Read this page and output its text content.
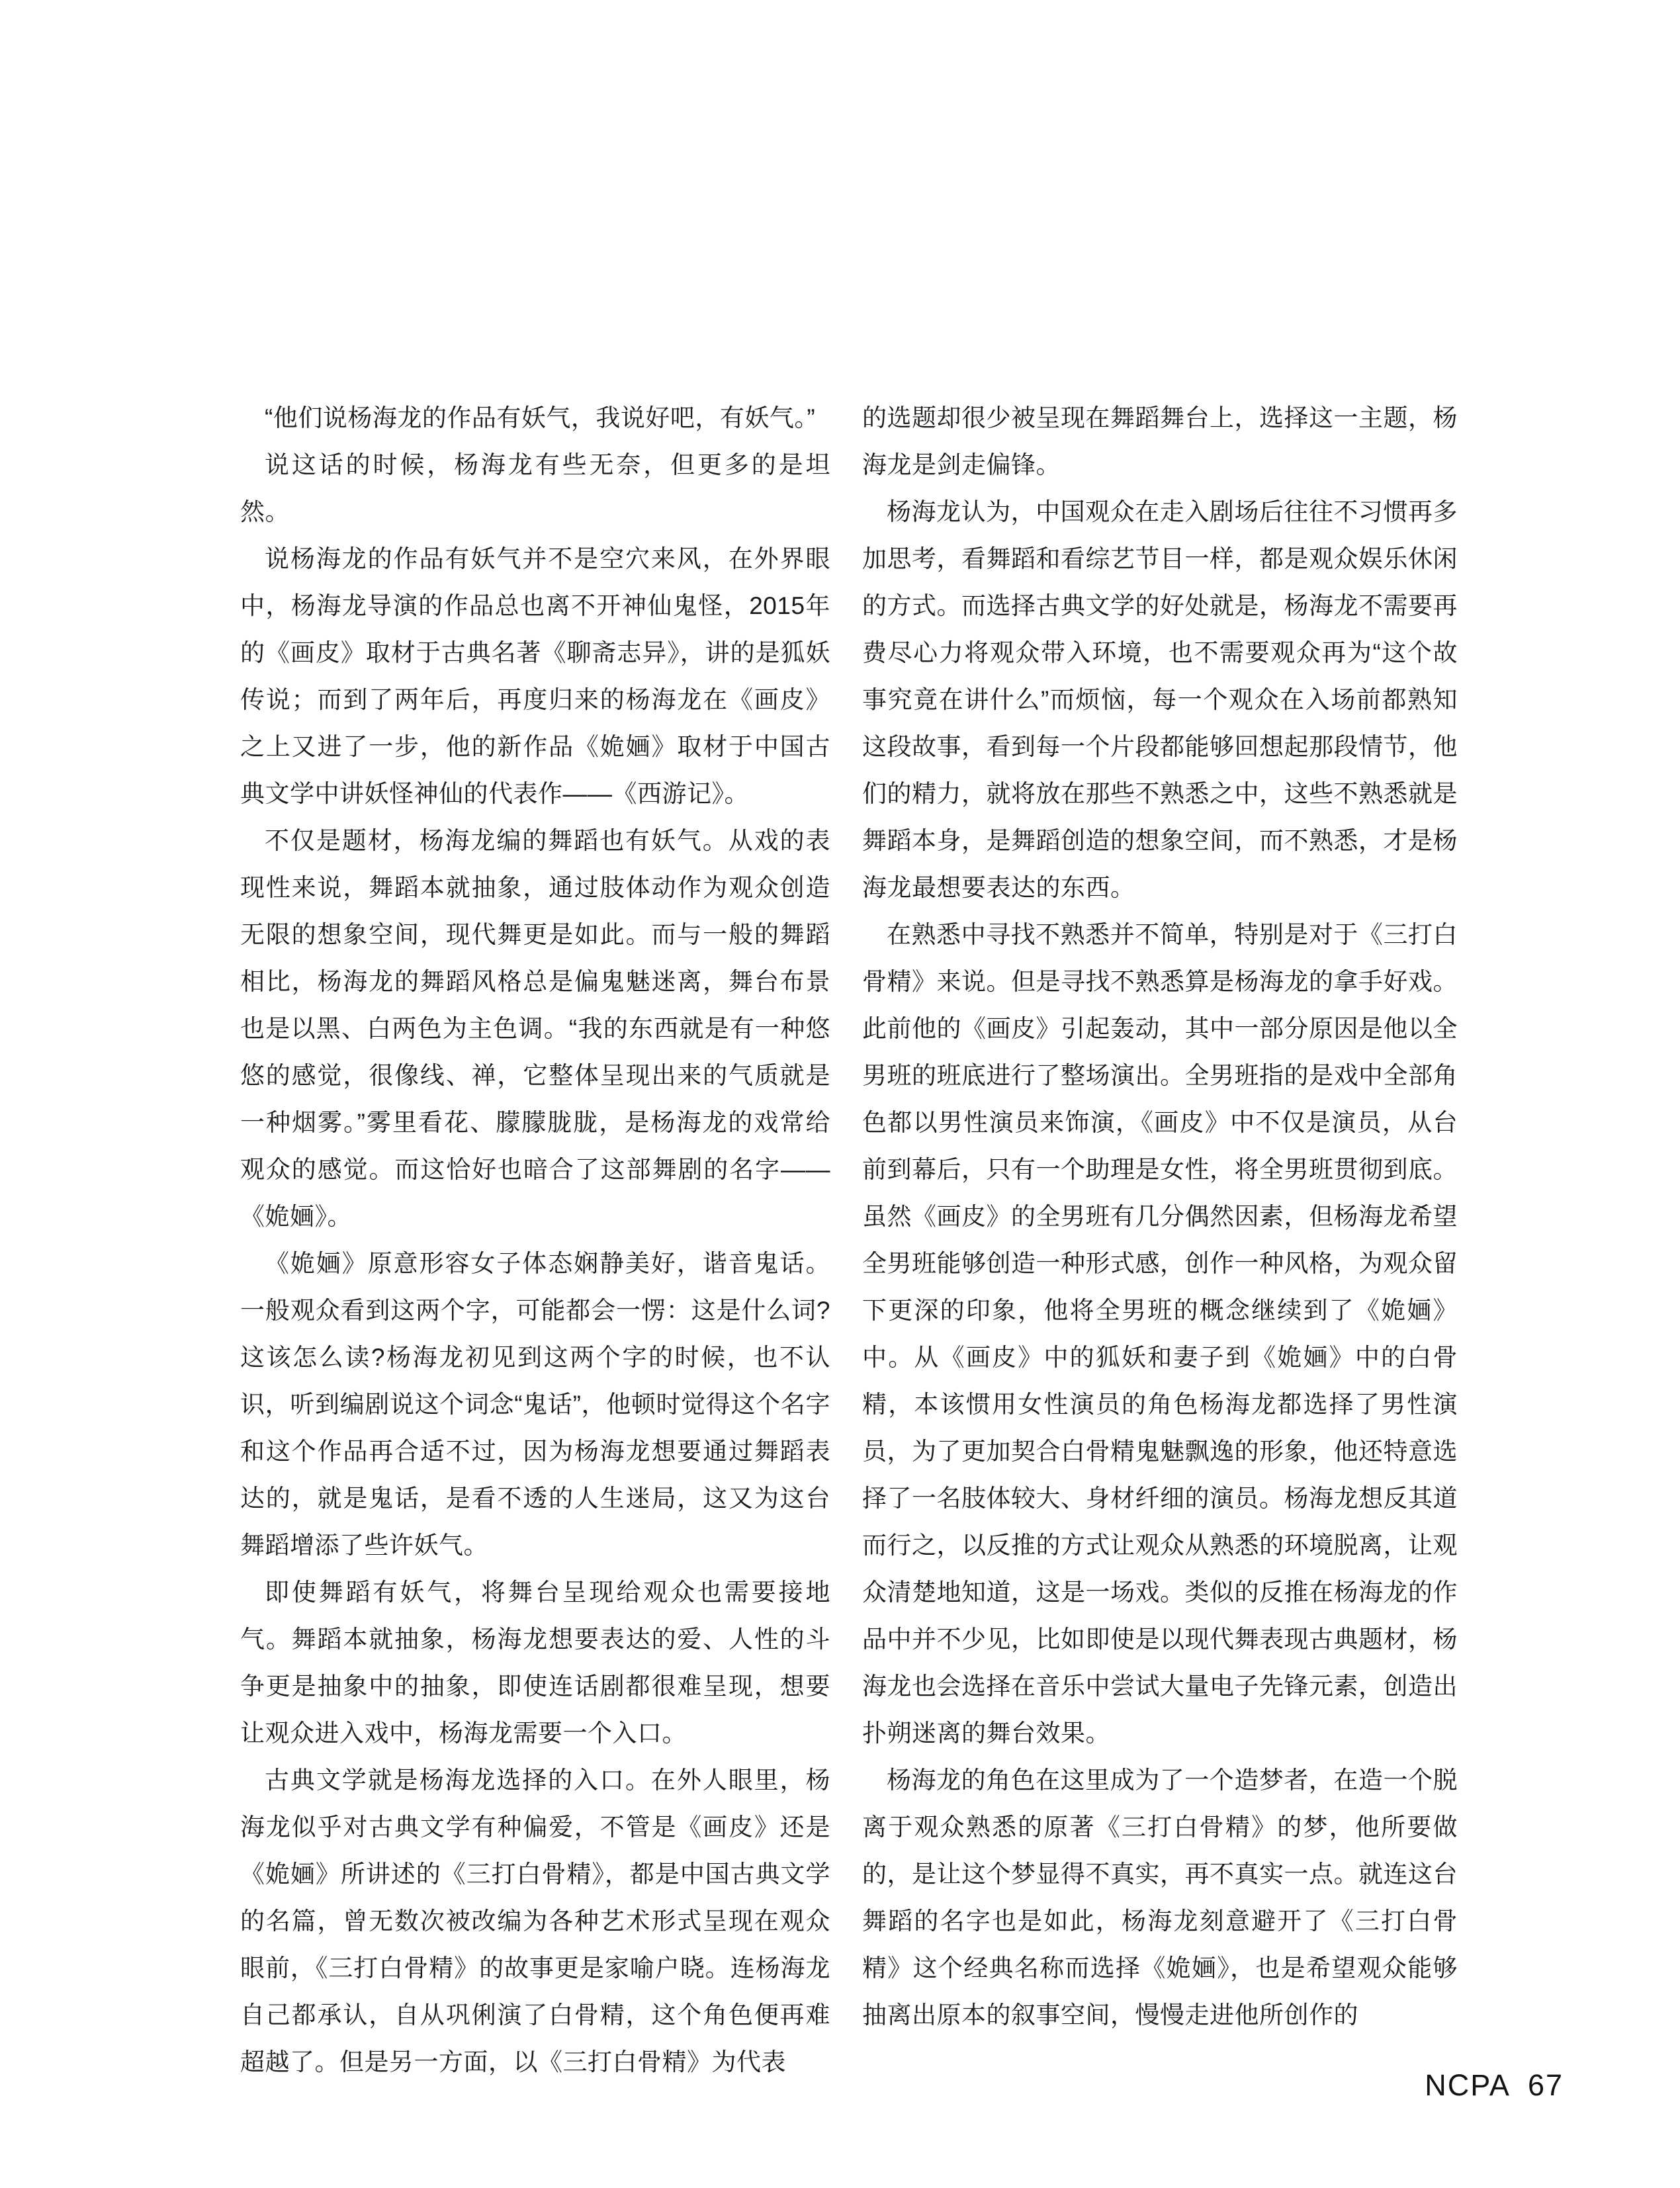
“他们说杨海龙的作品有妖气，我说好吧，有妖气。”

说这话的时候，杨海龙有些无奈，但更多的是坦然。

说杨海龙的作品有妖气并不是空穴来风，在外界眼中，杨海龙导演的作品总也离不开神仙鬼怪，2015年的《画皮》取材于古典名著《聊斋志异》，讲的是狐妖传说；而到了两年后，再度归来的杨海龙在《画皮》之上又进了一步，他的新作品《姽婳》取材于中国古典文学中讲妖怪神仙的代表作——《西游记》。

不仅是题材，杨海龙编的舞蹈也有妖气。从戏的表现性来说，舞蹈本就抽象，通过肢体动作为观众创造无限的想象空间，现代舞更是如此。而与一般的舞蹈相比，杨海龙的舞蹈风格总是偏鬼魅迷离，舞台布景也是以黑、白两色为主色调。“我的东西就是有一种悠悠的感觉，很像线、禅，它整体呈现出来的气质就是一种烟雾。”雾里看花、朦朦胧胧，是杨海龙的戏常给观众的感觉。而这恰好也暗合了这部舞剧的名字——《姽婳》。

《姽婳》原意形容女子体态娴静美好，谐音鬼话。一般观众看到这两个字，可能都会一愣：这是什么词?这该怎么读?杨海龙初见到这两个字的时候，也不认识，听到编剧说这个词念“鬼话”，他顿时觉得这个名字和这个作品再合适不过，因为杨海龙想要通过舞蹈表达的，就是鬼话，是看不透的人生迷局，这又为这台舞蹈增添了些许妖气。

即使舞蹈有妖气，将舞台呈现给观众也需要接地气。舞蹈本就抽象，杨海龙想要表达的爱、人性的斗争更是抽象中的抽象，即使连话剧都很难呈现，想要让观众进入戏中，杨海龙需要一个入口。

古典文学就是杨海龙选择的入口。在外人眼里，杨海龙似乎对古典文学有种偏爱，不管是《画皮》还是《姽婳》所讲述的《三打白骨精》，都是中国古典文学的名篇，曾无数次被改编为各种艺术形式呈现在观众眼前，《三打白骨精》的故事更是家喻户晓。连杨海龙自己都承认，自从巩俐演了白骨精，这个角色便再难超越了。但是另一方面，以《三打白骨精》为代表

的选题却很少被呈现在舞蹈舞台上，选择这一主题，杨海龙是剑走偏锋。

杨海龙认为，中国观众在走入剧场后往往不习惯再多加思考，看舞蹈和看综艺节目一样，都是观众娱乐休闲的方式。而选择古典文学的好处就是，杨海龙不需要再费尽心力将观众带入环境，也不需要观众再为“这个故事究竟在讲什么”而烦恼，每一个观众在入场前都熟知这段故事，看到每一个片段都能够回想起那段情节，他们的精力，就将放在那些不熟悉之中，这些不熟悉就是舞蹈本身，是舞蹈创造的想象空间，而不熟悉，才是杨海龙最想要表达的东西。

在熟悉中寻找不熟悉并不简单，特别是对于《三打白骨精》来说。但是寻找不熟悉算是杨海龙的拿手好戏。此前他的《画皮》引起轰动，其中一部分原因是他以全男班的班底进行了整场演出。全男班指的是戏中全部角色都以男性演员来饰演，《画皮》中不仅是演员，从台前到幕后，只有一个助理是女性，将全男班贯彻到底。虽然《画皮》的全男班有几分偶然因素，但杨海龙希望全男班能够创造一种形式感，创作一种风格，为观众留下更深的印象，他将全男班的概念继续到了《姽婳》中。从《画皮》中的狐妖和妻子到《姽婳》中的白骨精，本该惯用女性演员的角色杨海龙都选择了男性演员，为了更加契合白骨精鬼魅飘逸的形象，他还特意选择了一名肢体较大、身材纤细的演员。杨海龙想反其道而行之，以反推的方式让观众从熟悉的环境脱离，让观众清楚地知道，这是一场戏。类似的反推在杨海龙的作品中并不少见，比如即使是以现代舞表现古典题材，杨海龙也会选择在音乐中尝试大量电子先锋元素，创造出扑朔迷离的舞台效果。

杨海龙的角色在这里成为了一个造梦者，在造一个脱离于观众熟悉的原著《三打白骨精》的梦，他所要做的，是让这个梦显得不真实，再不真实一点。就连这台舞蹈的名字也是如此，杨海龙刻意避开了《三打白骨精》这个经典名称而选择《姽婳》，也是希望观众能够抽离出原本的叙事空间，慢慢走进他所创作的

NCPA 67
